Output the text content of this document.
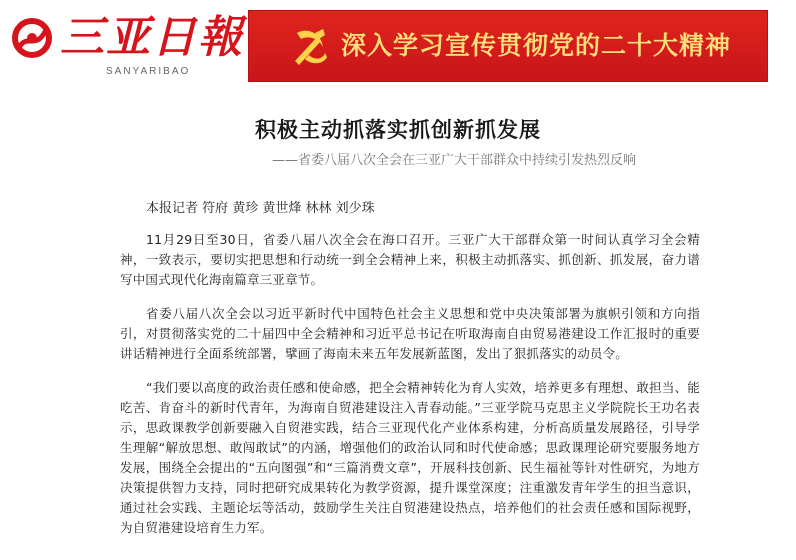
三亚日報
SANYARIBAO
深入学习宣传贯彻党的二十大精神
积极主动抓落实抓创新抓发展
——省委八届八次全会在三亚广大干部群众中持续引发热烈反响
本报记者 符府 黄珍 黄世烽 林林 刘少珠

11月29日至30日，省委八届八次全会在海口召开。三亚广大干部群众第一时间认真学习全会精神，一致表示，要切实把思想和行动统一到全会精神上来，积极主动抓落实、抓创新、抓发展，奋力谱写中国式现代化海南篇章三亚章节。

省委八届八次全会以习近平新时代中国特色社会主义思想和党中央决策部署为旗帜引领和方向指引，对贯彻落实党的二十届四中全会精神和习近平总书记在听取海南自由贸易港建设工作汇报时的重要讲话精神进行全面系统部署，擘画了海南未来五年发展新蓝图，发出了狠抓落实的动员令。

“我们要以高度的政治责任感和使命感，把全会精神转化为育人实效，培养更多有理想、敢担当、能吃苦、肯奋斗的新时代青年，为海南自贸港建设注入青春动能。”三亚学院马克思主义学院院长王功名表示，思政课教学创新要融入自贸港实践，结合三亚现代化产业体系构建，分析高质量发展路径，引导学生理解“解放思想、敢闯敢试”的内涵，增强他们的政治认同和时代使命感；思政课理论研究要服务地方发展，围绕全会提出的“五向图强”和“三篇消费文章”，开展科技创新、民生福祉等针对性研究，为地方决策提供智力支持，同时把研究成果转化为教学资源，提升课堂深度；注重激发青年学生的担当意识，通过社会实践、主题论坛等活动，鼓励学生关注自贸港建设热点，培养他们的社会责任感和国际视野，为自贸港建设培育生力军。
